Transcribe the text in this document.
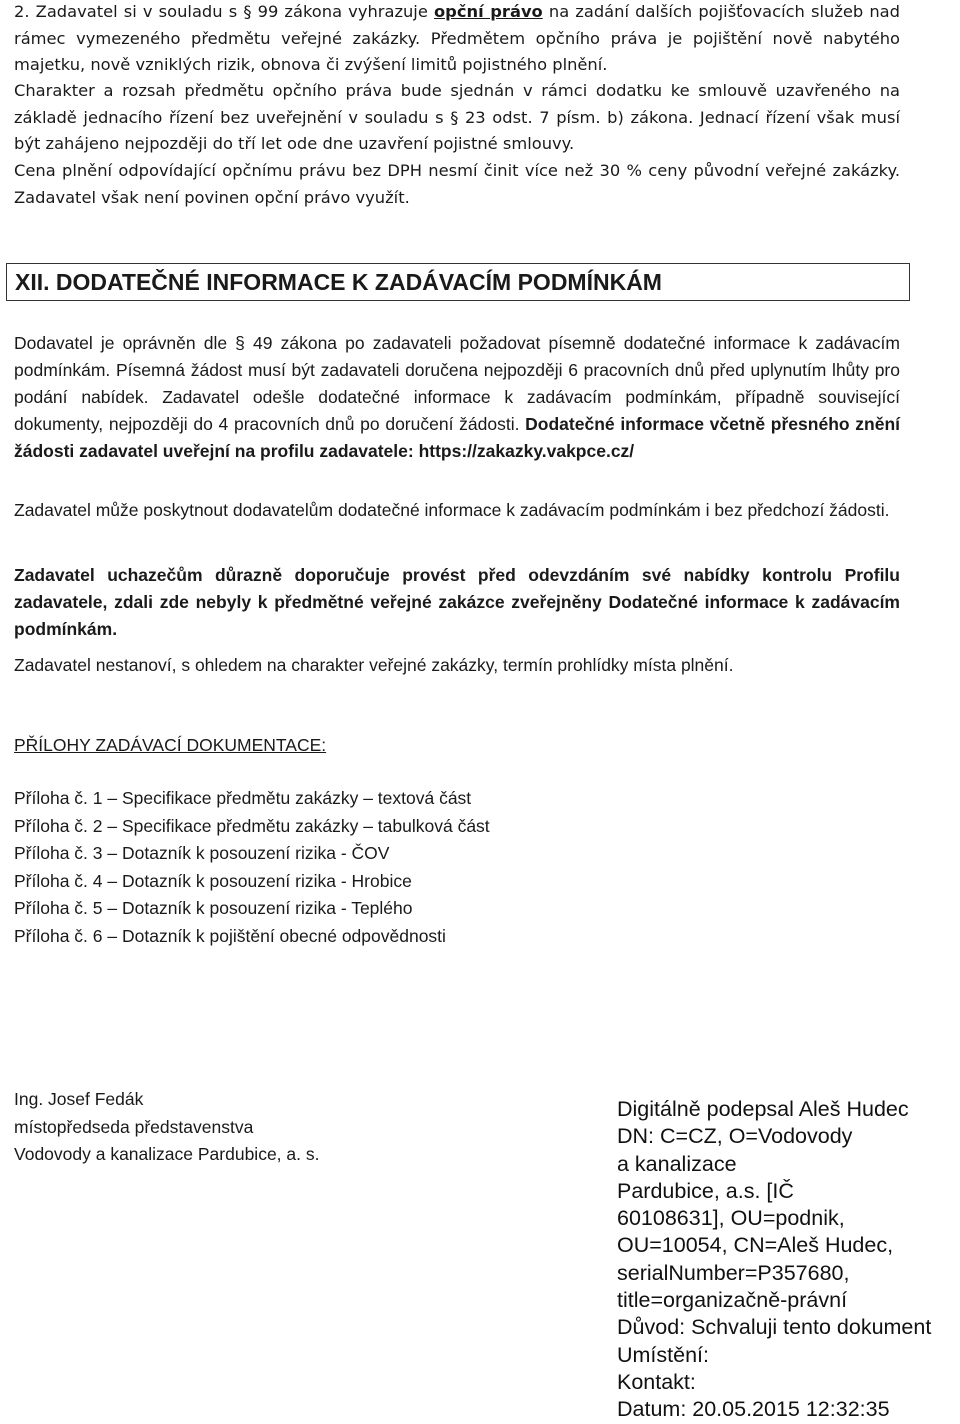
2. Zadavatel si v souladu s § 99 zákona vyhrazuje opční právo na zadání dalších pojišťovacích služeb nad rámec vymezeného předmětu veřejné zakázky. Předmětem opčního práva je pojištění nově nabytého majetku, nově vzniklých rizik, obnova či zvýšení limitů pojistného plnění.
Charakter a rozsah předmětu opčního práva bude sjednán v rámci dodatku ke smlouvě uzavřeného na základě jednacího řízení bez uveřejnění v souladu s § 23 odst. 7 písm. b) zákona. Jednací řízení však musí být zahájeno nejpozději do tří let ode dne uzavření pojistné smlouvy.
Cena plnění odpovídající opčnímu právu bez DPH nesmí činit více než 30 % ceny původní veřejné zakázky. Zadavatel však není povinen opční právo využít.
XII. DODATEČNÉ INFORMACE K ZADÁVACÍM PODMÍNKÁM
Dodavatel je oprávněn dle § 49 zákona po zadavateli požadovat písemně dodatečné informace k zadávacím podmínkám. Písemná žádost musí být zadavateli doručena nejpozději 6 pracovních dnů před uplynutím lhůty pro podání nabídek. Zadavatel odešle dodatečné informace k zadávacím podmínkám, případně související dokumenty, nejpozději do 4 pracovních dnů po doručení žádosti. Dodatečné informace včetně přesného znění žádosti zadavatel uveřejní na profilu zadavatele: https://zakazky.vakpce.cz/
Zadavatel může poskytnout dodavatelům dodatečné informace k zadávacím podmínkám i bez předchozí žádosti.
Zadavatel uchazečům důrazně doporučuje provést před odevzdáním své nabídky kontrolu Profilu zadavatele, zdali zde nebyly k předmětné veřejné zakázce zveřejněny Dodatečné informace k zadávacím podmínkám.
Zadavatel nestanoví, s ohledem na charakter veřejné zakázky, termín prohlídky místa plnění.
PŘÍLOHY ZADÁVACÍ DOKUMENTACE:
Příloha č. 1 – Specifikace předmětu zakázky – textová část
Příloha č. 2 – Specifikace předmětu zakázky – tabulková část
Příloha č. 3 – Dotazník k posouzení rizika - ČOV
Příloha č. 4 – Dotazník k posouzení rizika - Hrobice
Příloha č. 5 – Dotazník k posouzení rizika - Teplého
Příloha č. 6 – Dotazník k pojištění obecné odpovědnosti
Ing. Josef Fedák
místopředseda představenstva
Vodovody a kanalizace Pardubice, a. s.
Digitálně podepsal Aleš Hudec
DN: C=CZ, O=Vodovody
a kanalizace
Pardubice, a.s. [IČ
60108631], OU=podnik,
OU=10054, CN=Aleš Hudec,
serialNumber=P357680,
title=organizačně-právní
Důvod: Schvaluji tento dokument
Umístění:
Kontakt:
Datum: 20.05.2015 12:32:35
